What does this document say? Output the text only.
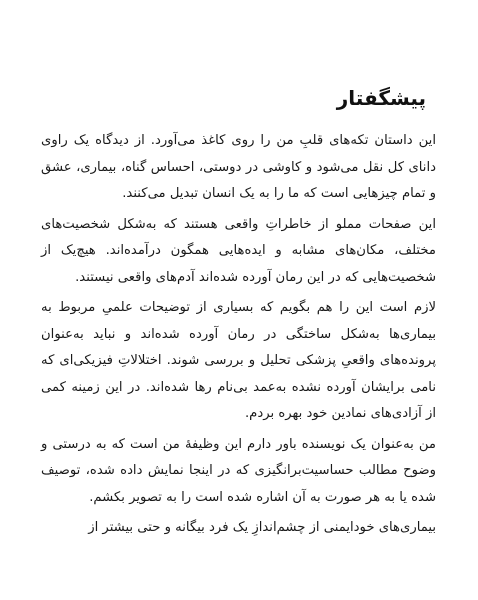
پیشگفتار

این داستان تکه‌های قلبِ من را روی کاغذ می‌آورد. از دیدگاه یک راوی دانای کل نقل می‌شود و کاوشی در دوستی، احساس گناه، بیماری، عشق و تمام چیزهایی است که ما را به یک انسان تبدیل می‌کنند.

این صفحات مملو از خاطراتِ واقعی هستند که به‌شکل شخصیت‌های مختلف، مکان‌های مشابه و ایده‌هایی همگون درآمده‌اند. هیچ‌یک از شخصیت‌هایی که در این رمان آورده شده‌اند آدم‌های واقعی نیستند.

لازم است این را هم بگویم که بسیاری از توضیحات علمیِ مربوط به بیماری‌ها به‌شکل ساختگی در رمان آورده شده‌اند و نباید به‌عنوان پرونده‌های واقعیِ پزشکی تحلیل و بررسی شوند. اختلالاتِ فیزیکی‌ای که نامی برایشان آورده نشده به‌عمد بی‌نام رها شده‌اند. در این زمینه کمی از آزادی‌های نمادین خود بهره بردم.

من به‌عنوان یک نویسنده باور دارم این وظیفهٔ من است که به درستی و وضوح مطالب حساسیت‌برانگیزی که در اینجا نمایش داده شده، توصیف شده یا به هر صورت به آن اشاره شده است را به تصویر بکشم.

بیماری‌های خودایمنی از چشم‌اندازِ یک فرد بیگانه و حتی بیشتر از
